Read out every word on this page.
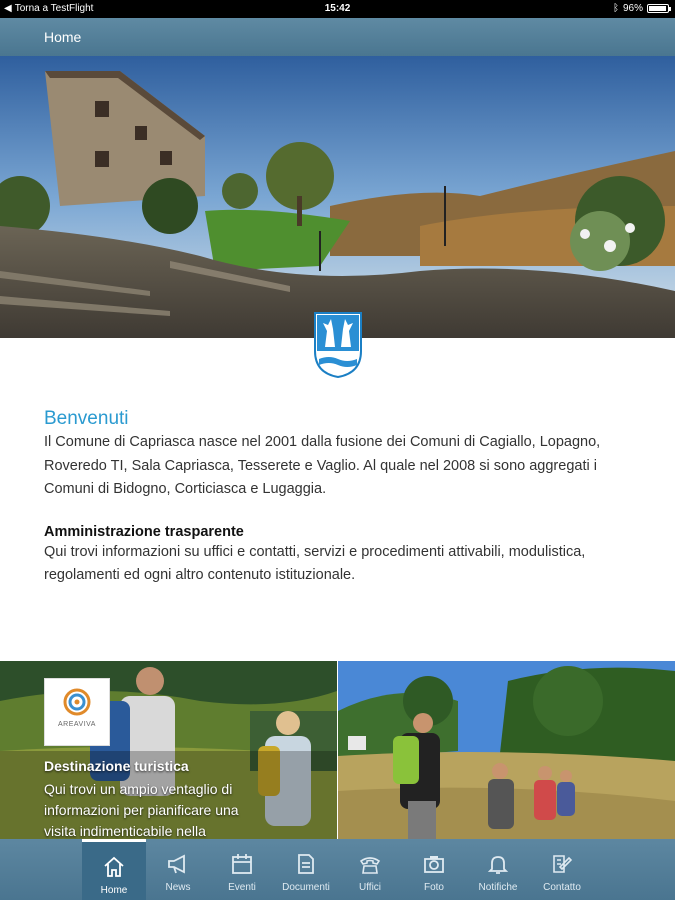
◀ Torna a TestFlight	15:42	ᛒ 96%
Home
Benvenuti
Il Comune di Capriasca nasce nel 2001 dalla fusione dei Comuni di Cagiallo, Lopagno, Roveredo TI, Sala Capriasca, Tesserete e Vaglio. Al quale nel 2008 si sono aggregati i Comuni di Bidogno, Corticiasca e Lugaggia.
Amministrazione trasparente
Qui trovi informazioni su uffici e contatti, servizi e procedimenti attivabili, modulistica, regolamenti ed ogni altro contenuto istituzionale.
AREAVIVA
Destinazione turistica
Qui trovi un ampio ventaglio di informazioni per pianificare una visita indimenticabile nella
Home	News	Eventi	Documenti	Uffici	Foto	Notifiche	Contatto
